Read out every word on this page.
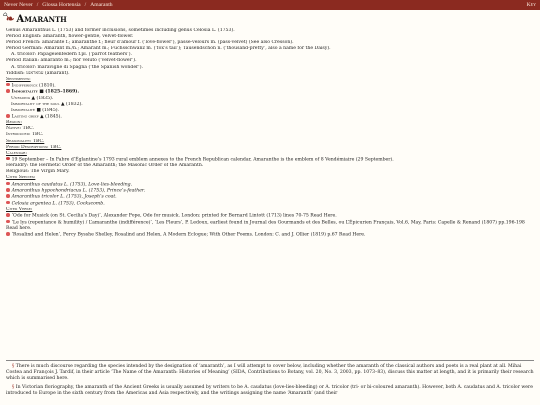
Never Never / Glossa Hortensia / Amaranth	Key
⌂
❧ Amaranth
Genus Amaranthus L. (1753) and former inclusions, sometimes including genus Celosia L. (1753).
Period English: amaranth, flower-gentle, velvet-flower.
Period French: amarante f.; amaranthe f.; fleur d’amour f. (‘love-flower’), passe-velours m. (pass-velvet) (See also Cresson).
Period German: Amarant m./n.; Ämarant m.; Fuchsschwanz m. (‘fox’s tail’); Tausendschön n. (‘thousand-pretty’, also a name for the Daisy).
A. tricolor: Papageienfedern f.pl. (‘parrot feathers’).
Period Italian: amaranto m.; fior veluto (‘velvet-flower’).
A. tricolor: maraviglie di Spagna (‘the Spanish wonder’).
Yiddish: עמאראנט (amarant).
Sentiments:
Indifference (1810).
Immortality ■ (1825–1869).
Unfading ▲ (1835).
Immortality of the soul ▲ (1832).
Immortalité ■ (1845).
Lasting grief ▲ (1845).
Region:
Native: TBC.
Introduced: TBC.
Seasonality: TBC.
Period Descriptions: TBC.
Calendar:
19 September – In Fabre d’Églantine’s 1793 rural emblem annexes to the French Republican calendar, Amaranthe is the emblem of 8 Vendémiaire (29 September).
Heraldry: the Hermetic Order of the Amaranth; the Masonic Order of the Amaranth.
Religious: The Virgin Mary.
Cited Species:
Amaranthus caudatus L. (1753), Love-lies-bleeding.
Amaranthus hypochondriacus L. (1753), Prince’s-feather.
Amaranthus tricolor L. (1753), Joseph’s coat.
Celosia argentea L. (1753), Cockscomb.
Cited Verse:
‘Ode for Musick (on St. Cecilia’s Day)’, Alexander Pope, Ode for musick. London: printed for Bernard Lintott (1713) lines 70-75 Read Here.
‘Le lys (repentance & humility) / L’amaranthe (indifférence)’, ‘Les Fleurs’, P. Ledoux, earliest found in Journal des Gourmands et des Belles, ou L’Épicurien Français, Vol.6, May, Paris: Capelle & Renand (1807) pp.196-198 Read here.
‘Rosalind and Helen’, Percy Bysshe Shelley, Rosalind and Helen, A Modern Eclogue; With Other Poems. London: C. and J. Ollier (1819) p.67 Read Here.
§ There is much discourse regarding the species intended by the designation of ‘amaranth’, as I will attempt to cover below, including whether the amaranth of the classical authors and poets is a real plant at all. Mihai Costea and François J. Tardif, in their article ‘The Name of the Amaranth: Histories of Meaning’ (SIDA, Contributions to Botany, vol. 20, No. 3, 2003, pp. 1073–83), discuss this matter at length, and it is primarily their research which is summarised here.
§ In Victorian floriography, the amaranth of the Ancient Greeks is usually assumed by writers to be A. caudatus (love-lies-bleeding) or A. tricolor (tri- or bi-coloured amaranth). However, both A. caudatus and A. tricolor were introduced to Europe in the sixth century from the Americas and Asia respectively, and the writings assigning the name ‘Amaranth’ (and their
